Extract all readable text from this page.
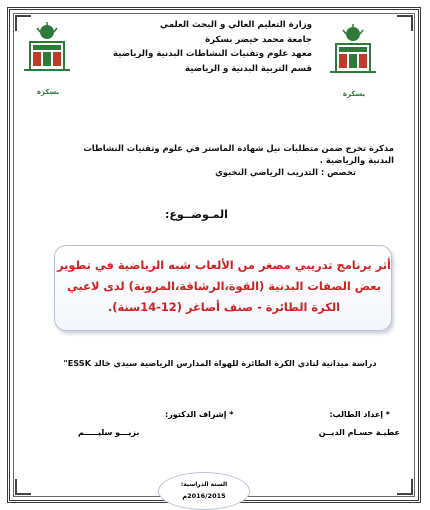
بسكرة	بسكرة
وزارة التعليم العالي و البحث العلمي
جامعة محمد خيضر بسكرة
معهد علوم وتقنيات النشاطات البدنية والرياضية
قسم التربية البدنية و الرياضية
مذكرة تخرج ضمن متطلبات نيل شهادة الماستر في علوم وتقنيات النشاطات
البدنية والرياضية .
تخصص : التدريب الرياضي النخبوي
المـوضــوع:
أثر برنامج تدريبي مصغر من الألعاب شبه الرياضية في تطوير بعض الصفات البدنية (القوة،الرشاقة،المرونة) لدى لاعبي الكرة الطائرة - صنف أصاغر (12-14سنة).
دراسة ميدانية لنادي الكرة الطائرة للهواة المدارس الرياضية سيدي خالد ESSK"
* إعداد الطالب:
عطيـة حسـام الديــن
* إشراف الدكتور:
بزيـــو سليـــــم
السنة الدراسية:
2016/2015م
